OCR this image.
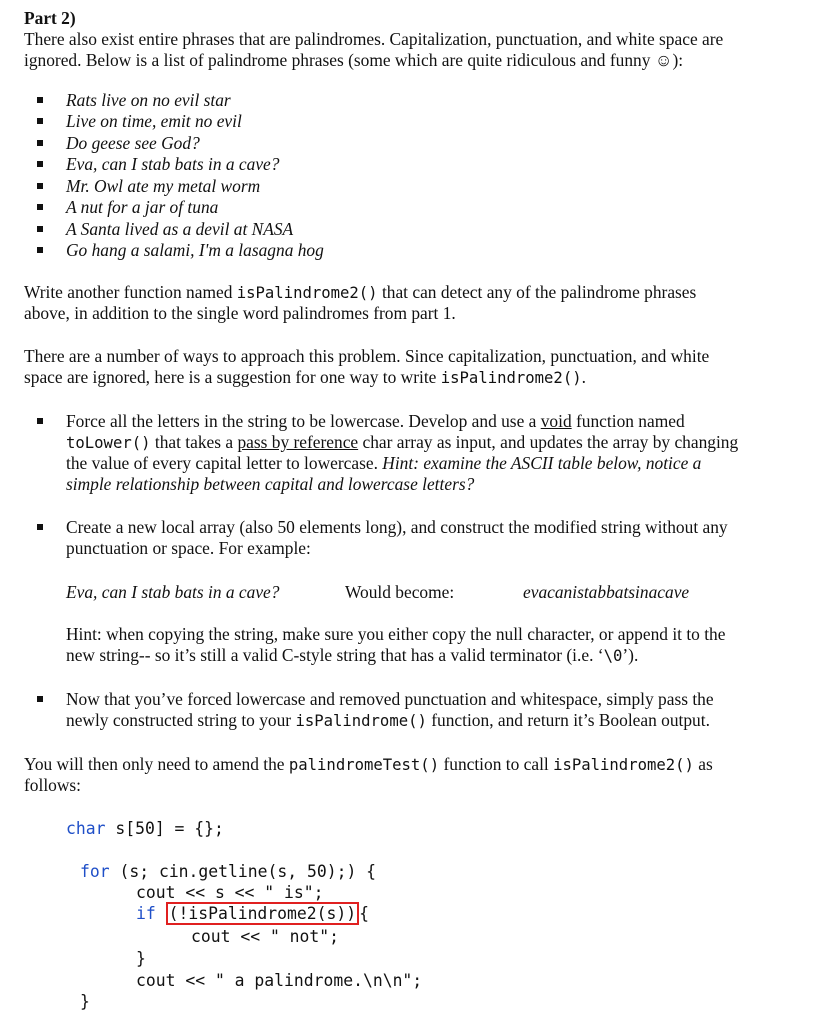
Part 2)
There also exist entire phrases that are palindromes. Capitalization, punctuation, and white space are
ignored. Below is a list of palindrome phrases (some which are quite ridiculous and funny ☺):
Rats live on no evil star
Live on time, emit no evil
Do geese see God?
Eva, can I stab bats in a cave?
Mr. Owl ate my metal worm
A nut for a jar of tuna
A Santa lived as a devil at NASA
Go hang a salami, I'm a lasagna hog
Write another function named isPalindrome2() that can detect any of the palindrome phrases
above, in addition to the single word palindromes from part 1.
There are a number of ways to approach this problem. Since capitalization, punctuation, and white
space are ignored, here is a suggestion for one way to write isPalindrome2().
Force all the letters in the string to be lowercase. Develop and use a void function named
toLower() that takes a pass by reference char array as input, and updates the array by changing
the value of every capital letter to lowercase. Hint: examine the ASCII table below, notice a
simple relationship between capital and lowercase letters?
Create a new local array (also 50 elements long), and construct the modified string without any
punctuation or space. For example:
Eva, can I stab bats in a cave?	Would become:	evacanistabbatsinacave
Hint: when copying the string, make sure you either copy the null character, or append it to the
new string-- so it’s still a valid C-style string that has a valid terminator (i.e. ‘\0’).
Now that you’ve forced lowercase and removed punctuation and whitespace, simply pass the
newly constructed string to your isPalindrome() function, and return it’s Boolean output.
You will then only need to amend the palindromeTest() function to call isPalindrome2() as
follows:
char s[50] = {};
for (s; cin.getline(s, 50);) {
cout << s << " is";
if (!isPalindrome2(s)) {
cout << " not";
}
cout << " a palindrome.\n\n";
}
